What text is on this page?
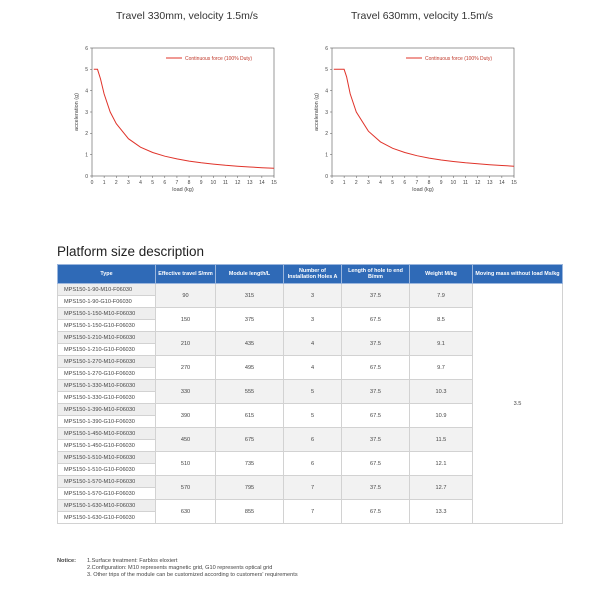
Travel 330mm, velocity 1.5m/s	Travel 630mm, velocity 1.5m/s
0 1 2 3 4 5 6 7 8 9 10 11 12 13 14 15
0
1
2
3
4
5
6
load (kg)
acceleration (g)
Continuous force (100% Duty)
0 1 2 3 4 5 6 7 8 9 10 11 12 13 14 15
0
1
2
3
4
5
6
load (kg)
acceleration (g)
Continuous force (100% Duty)
Platform size description
Type	Effective travel S/mm	Module length/L	Number of Installation Holes A	Length of hole to end B/mm	Weight M/kg	Moving mass without load Ms/kg
MPS150-1-90-M10-F06030	90	315	3	37.5	7.9	3.5
MPS150-1-90-G10-F06030						
MPS150-1-150-M10-F06030	150	375	3	67.5	8.5	
MPS150-1-150-G10-F06030						
MPS150-1-210-M10-F06030	210	435	4	37.5	9.1	
MPS150-1-210-G10-F06030						
MPS150-1-270-M10-F06030	270	495	4	67.5	9.7	
MPS150-1-270-G10-F06030						
MPS150-1-330-M10-F06030	330	555	5	37.5	10.3	
MPS150-1-330-G10-F06030						
MPS150-1-390-M10-F06030	390	615	5	67.5	10.9	
MPS150-1-390-G10-F06030						
MPS150-1-450-M10-F06030	450	675	6	37.5	11.5	
MPS150-1-450-G10-F06030						
MPS150-1-510-M10-F06030	510	735	6	67.5	12.1	
MPS150-1-510-G10-F06030						
MPS150-1-570-M10-F06030	570	795	7	37.5	12.7	
MPS150-1-570-G10-F06030						
MPS150-1-630-M10-F06030	630	855	7	67.5	13.3	
MPS150-1-630-G10-F06030						
Notice: 1.Surface treatment: Farblos eloxiert
2.Configuration: M10 represents magnetic grid, G10 represents optical grid
3. Other trips of the module can be customized according to customers' requirements
